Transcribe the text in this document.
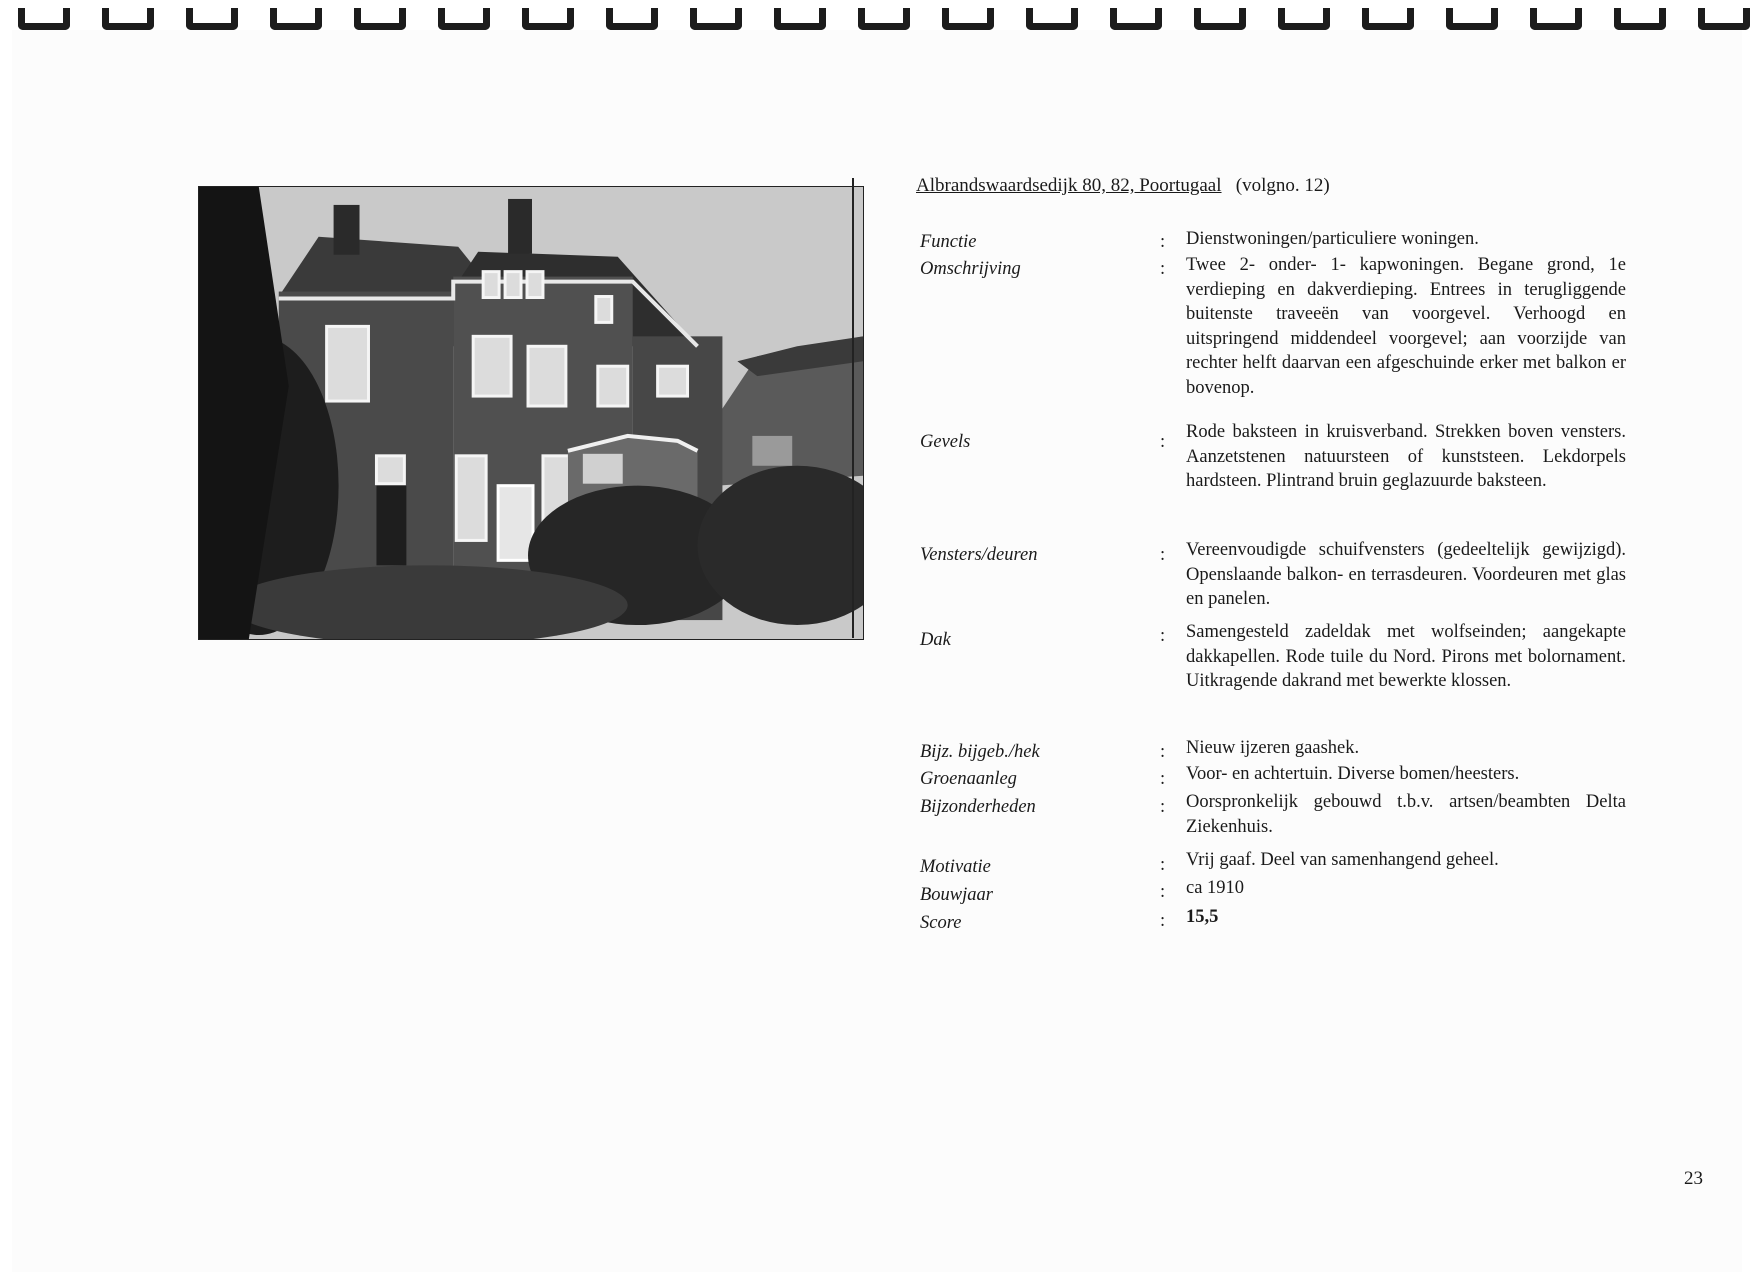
Albrandswaardsedijk 80, 82, Poortugaal (volgno. 12)
Functie	: Dienstwoningen/particuliere woningen.
Omschrijving	: Twee 2- onder- 1- kapwoningen. Begane grond, 1e verdieping en dakverdieping. Entrees in terugliggende buitenste traveeën van voorgevel. Verhoogd en uitspringend middendeel voorgevel; aan voorzijde van rechter helft daarvan een afgeschuinde erker met balkon er bovenop.
Gevels	: Rode baksteen in kruisverband. Strekken boven vensters. Aanzetstenen natuursteen of kunststeen. Lekdorpels hardsteen. Plintrand bruin geglazuurde baksteen.
Vensters/deuren	: Vereenvoudigde schuifvensters (gedeeltelijk gewijzigd). Openslaande balkon- en terrasdeuren. Voordeuren met glas en panelen.
Dak	: Samengesteld zadeldak met wolfseinden; aangekapte dakkapellen. Rode tuile du Nord. Pirons met bolornament. Uitkragende dakrand met bewerkte klossen.
Bijz. bijgeb./hek	: Nieuw ijzeren gaashek.
Groenaanleg	: Voor- en achtertuin. Diverse bomen/heesters.
Bijzonderheden	: Oorspronkelijk gebouwd t.b.v. artsen/beambten Delta Ziekenhuis.
Motivatie	: Vrij gaaf. Deel van samenhangend geheel.
Bouwjaar	: ca 1910
Score	: 15,5
23
